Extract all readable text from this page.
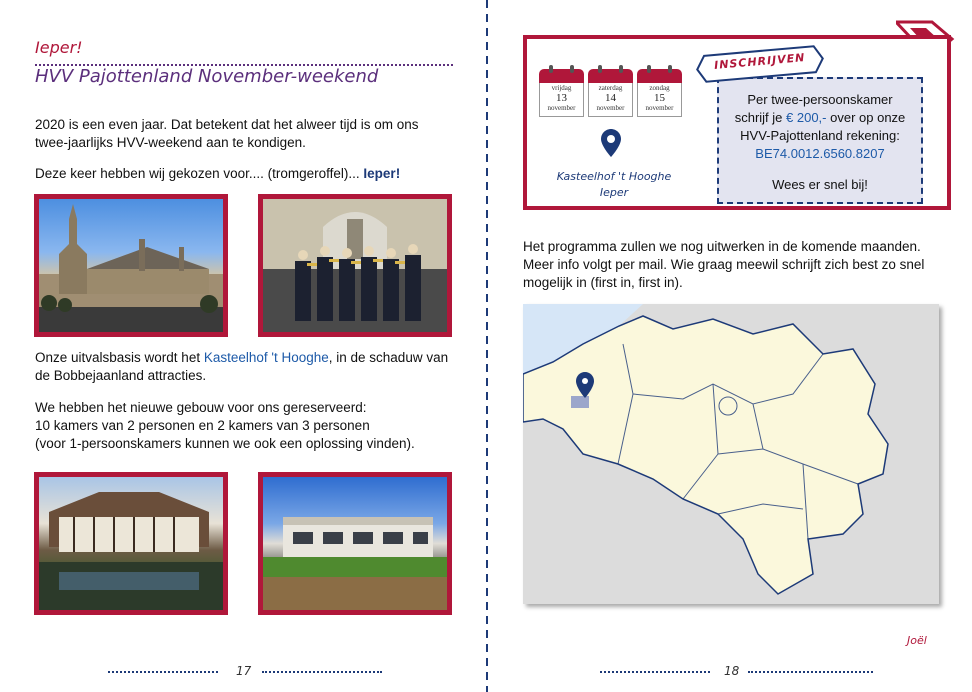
Ieper!
HVV Pajottenland November-weekend
2020 is een even jaar. Dat betekent dat het alweer tijd is om ons twee-jaarlijks HVV-weekend aan te kondigen.
Deze keer hebben wij gekozen voor.... (tromgeroffel)... Ieper!
Onze uitvalsbasis wordt het Kasteelhof 't Hooghe, in de schaduw van de Bobbejaanland attracties.
We hebben het nieuwe gebouw voor ons gereserveerd:
10 kamers van 2 personen en 2 kamers van 3 personen
(voor 1-persoonskamers kunnen we ook een oplossing vinden).
17
vrijdag
13
november
zaterdag
14
november
zondag
15
november
Kasteelhof 't Hooghe
Ieper
Per twee-persoonskamer
schrijf je € 200,- over op onze
HVV-Pajottenland rekening:
BE74.0012.6560.8207
Wees er snel bij!
INSCHRIJVEN
Het programma zullen we nog uitwerken in de komende maanden. Meer info volgt per mail. Wie graag meewil schrijft zich best zo snel mogelijk in (first in, first in).
Joël
18
